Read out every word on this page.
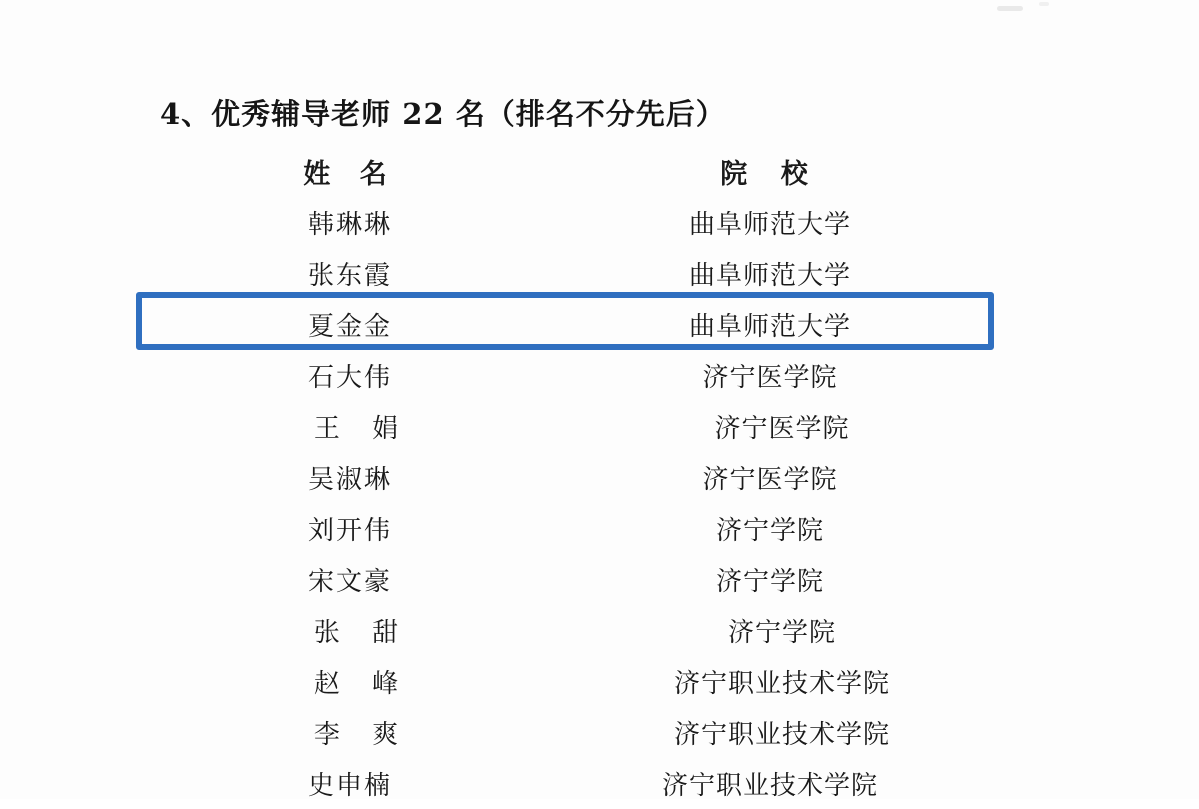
4、优秀辅导老师 22 名（排名不分先后）
姓 名	院 校
韩琳琳	曲阜师范大学
张东霞	曲阜师范大学
夏金金	曲阜师范大学
石大伟	济宁医学院
王 娟	济宁医学院
吴淑琳	济宁医学院
刘开伟	济宁学院
宋文豪	济宁学院
张 甜	济宁学院
赵 峰	济宁职业技术学院
李 爽	济宁职业技术学院
史申楠	济宁职业技术学院
